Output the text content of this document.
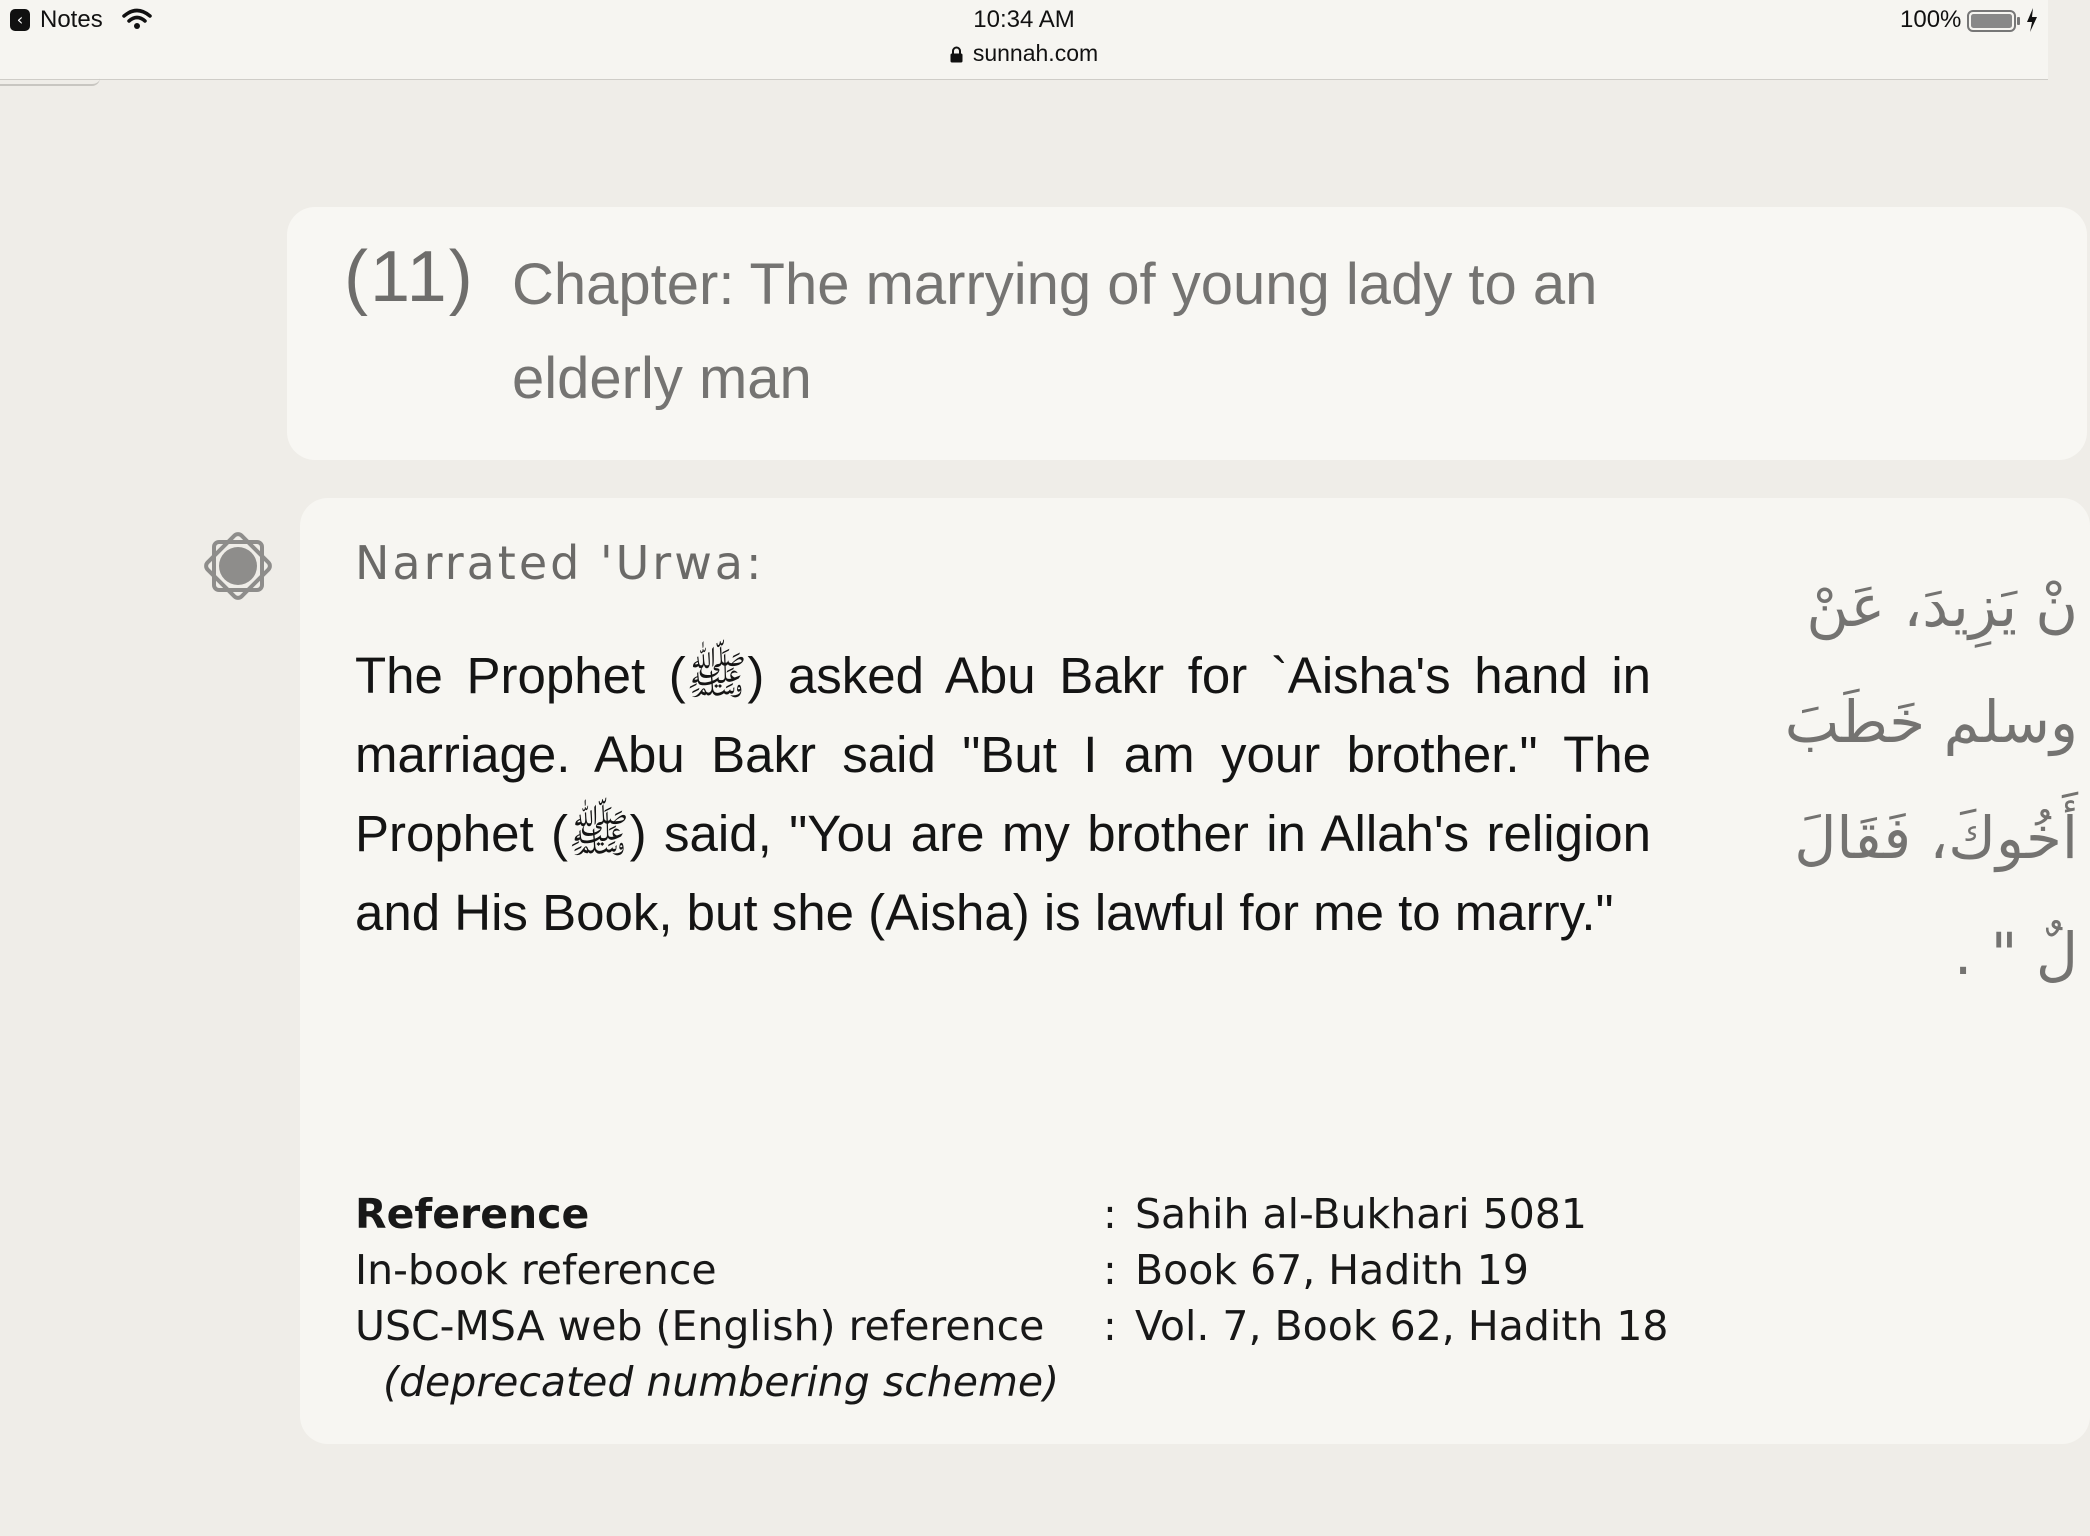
‹ Notes	10:34 AM
sunnah.com
100%
(11) Chapter: The marrying of young lady to an elderly man
Narrated 'Urwa:
The Prophet (ﷺ) asked Abu Bakr for `Aisha's hand in marriage. Abu Bakr said "But I am your brother." The Prophet (ﷺ) said, "You are my brother in Allah's religion and His Book, but she (Aisha) is lawful for me to marry."
نْ يَزِيدَ، عَنْ
وسلم خَطَبَ
أَخُوكَ، فَقَالَ
لٌ " .
Reference	:	Sahih al-Bukhari 5081
In-book reference	:	Book 67, Hadith 19
USC-MSA web (English) reference	:	Vol. 7, Book 62, Hadith 18
(deprecated numbering scheme)		
